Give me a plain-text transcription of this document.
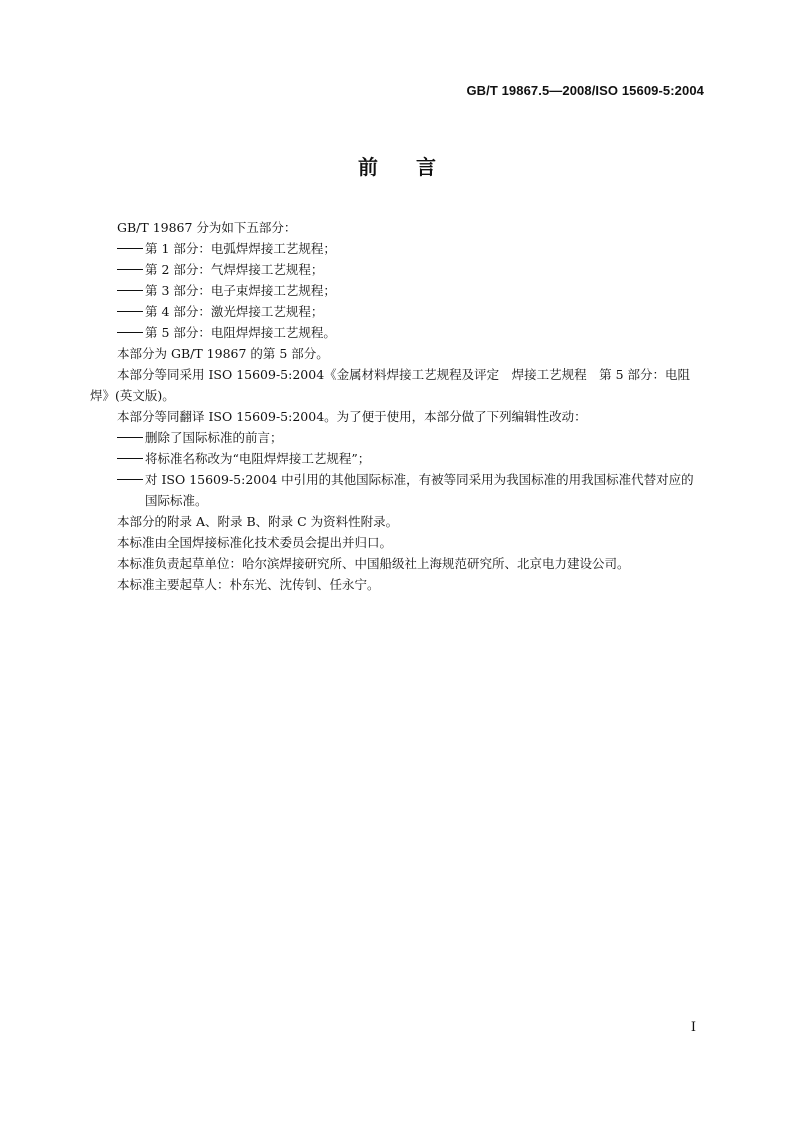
GB/T 19867.5—2008/ISO 15609-5:2004
前言

GB/T 19867 分为如下五部分：

第 1 部分：电弧焊焊接工艺规程；

第 2 部分：气焊焊接工艺规程；

第 3 部分：电子束焊接工艺规程；

第 4 部分：激光焊接工艺规程；

第 5 部分：电阻焊焊接工艺规程。

本部分为 GB/T 19867 的第 5 部分。

本部分等同采用 ISO 15609-5:2004《金属材料焊接工艺规程及评定　焊接工艺规程　第 5 部分：电阻焊》(英文版)。

本部分等同翻译 ISO 15609-5:2004。为了便于使用，本部分做了下列编辑性改动：

删除了国际标准的前言；

将标准名称改为“电阻焊焊接工艺规程”；

对 ISO 15609-5:2004 中引用的其他国际标准，有被等同采用为我国标准的用我国标准代替对应的国际标准。

本部分的附录 A、附录 B、附录 C 为资料性附录。

本标准由全国焊接标准化技术委员会提出并归口。

本标准负责起草单位：哈尔滨焊接研究所、中国船级社上海规范研究所、北京电力建设公司。

本标准主要起草人：朴东光、沈传钊、任永宁。

I
